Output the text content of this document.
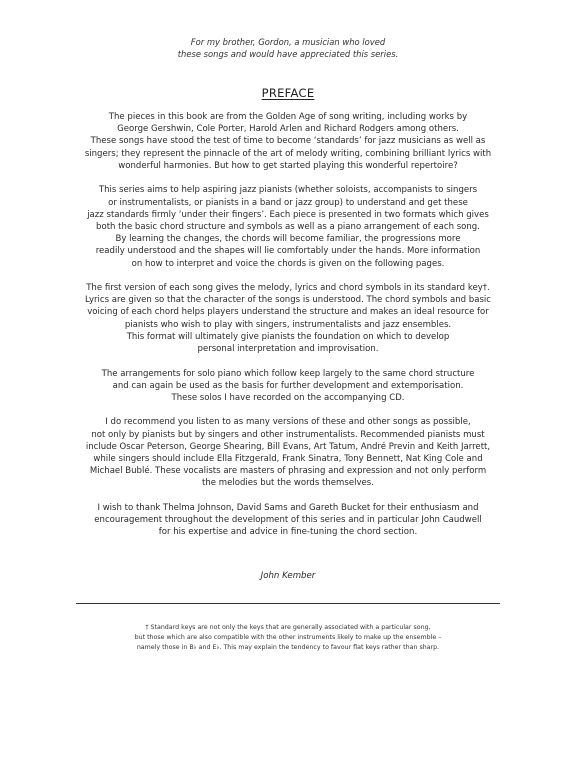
For my brother, Gordon, a musician who loved
these songs and would have appreciated this series.
PREFACE

The pieces in this book are from the Golden Age of song writing, including works by
George Gershwin, Cole Porter, Harold Arlen and Richard Rodgers among others.
These songs have stood the test of time to become ‘standards’ for jazz musicians as well as
singers; they represent the pinnacle of the art of melody writing, combining brilliant lyrics with
wonderful harmonies. But how to get started playing this wonderful repertoire?

This series aims to help aspiring jazz pianists (whether soloists, accompanists to singers
or instrumentalists, or pianists in a band or jazz group) to understand and get these
jazz standards firmly ‘under their fingers’. Each piece is presented in two formats which gives
both the basic chord structure and symbols as well as a piano arrangement of each song.
By learning the changes, the chords will become familiar, the progressions more
readily understood and the shapes will lie comfortably under the hands. More information
on how to interpret and voice the chords is given on the following pages.

The first version of each song gives the melody, lyrics and chord symbols in its standard key†.
Lyrics are given so that the character of the songs is understood. The chord symbols and basic
voicing of each chord helps players understand the structure and makes an ideal resource for
pianists who wish to play with singers, instrumentalists and jazz ensembles.
This format will ultimately give pianists the foundation on which to develop
personal interpretation and improvisation.

The arrangements for solo piano which follow keep largely to the same chord structure
and can again be used as the basis for further development and extemporisation.
These solos I have recorded on the accompanying CD.

I do recommend you listen to as many versions of these and other songs as possible,
not only by pianists but by singers and other instrumentalists. Recommended pianists must
include Oscar Peterson, George Shearing, Bill Evans, Art Tatum, André Previn and Keith Jarrett,
while singers should include Ella Fitzgerald, Frank Sinatra, Tony Bennett, Nat King Cole and
Michael Bublé. These vocalists are masters of phrasing and expression and not only perform
the melodies but the words themselves.

I wish to thank Thelma Johnson, David Sams and Gareth Bucket for their enthusiasm and
encouragement throughout the development of this series and in particular John Caudwell
for his expertise and advice in fine-tuning the chord section.

John Kember
† Standard keys are not only the keys that are generally associated with a particular song,
but those which are also compatible with the other instruments likely to make up the ensemble –
namely those in B♭ and E♭. This may explain the tendency to favour flat keys rather than sharp.
